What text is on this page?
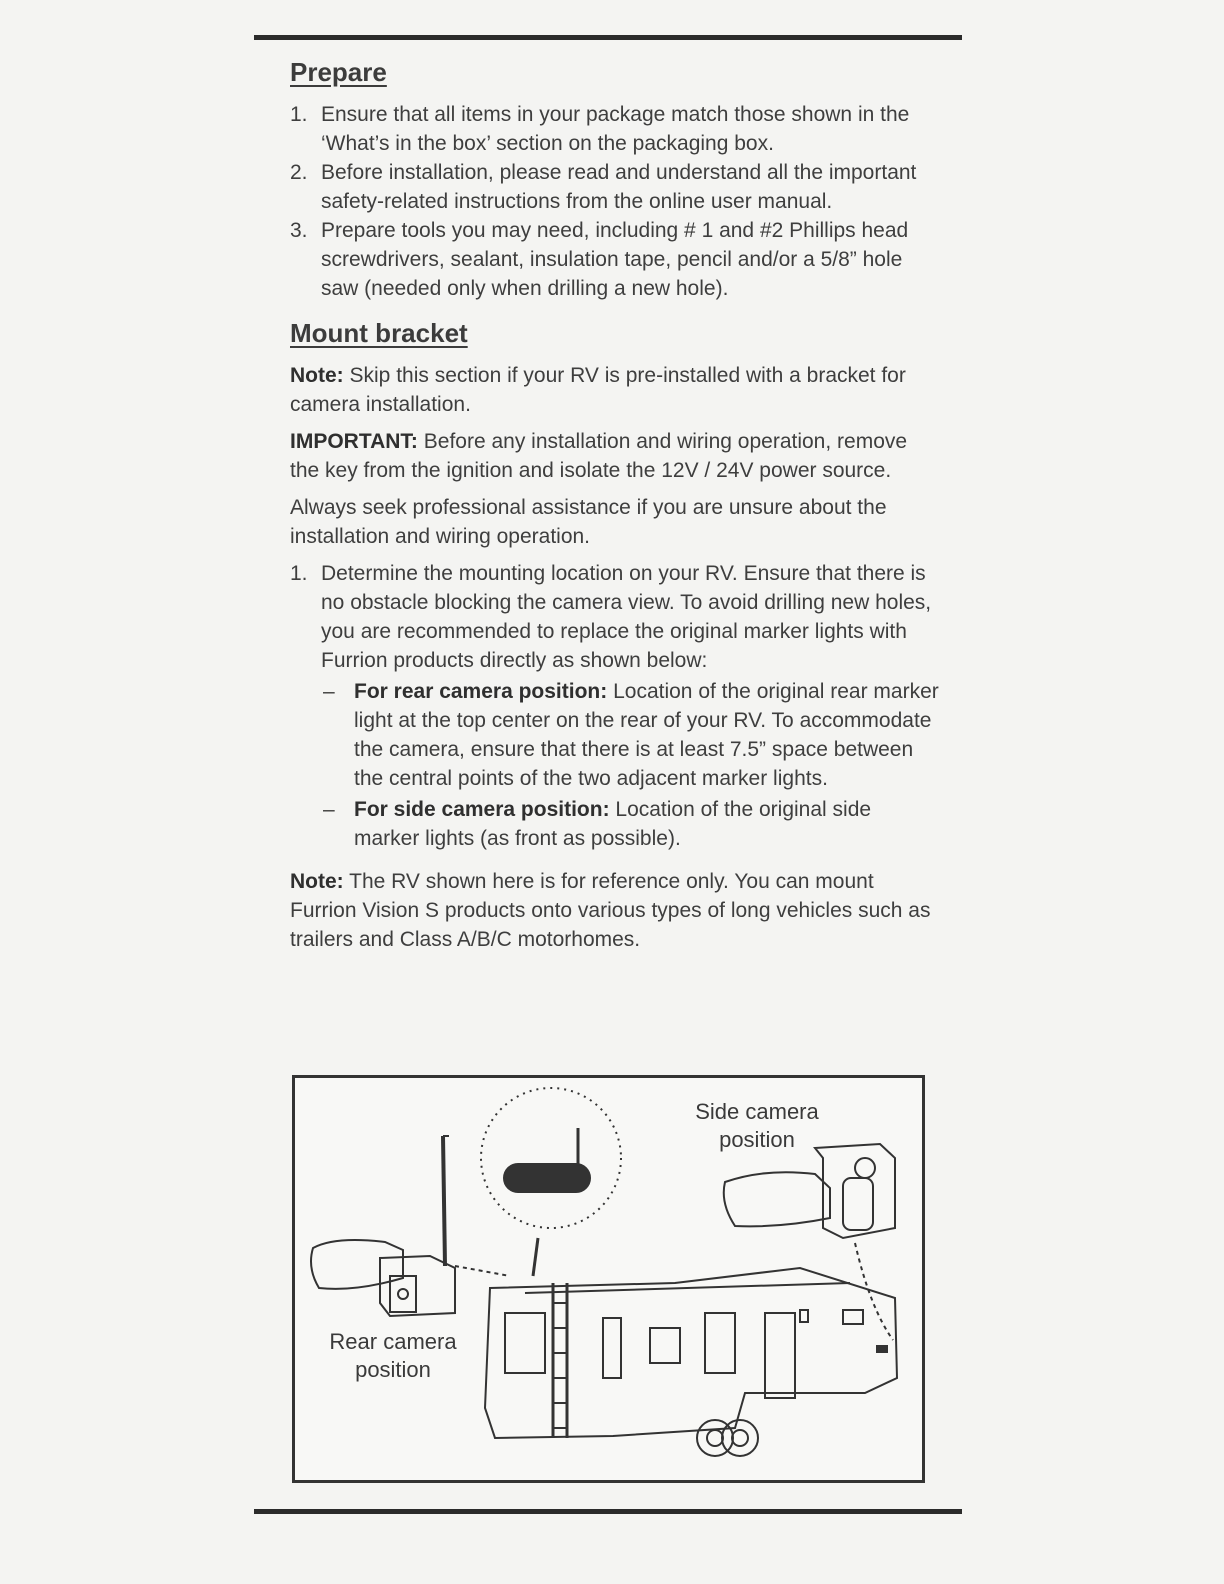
Prepare
1. Ensure that all items in your package match those shown in the ‘What’s in the box’ section on the packaging box.
2. Before installation, please read and understand all the important safety-related instructions from the online user manual.
3. Prepare tools you may need, including # 1 and #2 Phillips head screwdrivers, sealant, insulation tape, pencil and/or a 5/8” hole saw (needed only when drilling a new hole).
Mount bracket

Note: Skip this section if your RV is pre-installed with a bracket for camera installation.

IMPORTANT: Before any installation and wiring operation, remove the key from the ignition and isolate the 12V / 24V power source.

Always seek professional assistance if you are unsure about the installation and wiring operation.

1. Determine the mounting location on your RV. Ensure that there is no obstacle blocking the camera view. To avoid drilling new holes, you are recommended to replace the original marker lights with Furrion products directly as shown below:
– For rear camera position: Location of the original rear marker light at the top center on the rear of your RV. To accommodate the camera, ensure that there is at least 7.5” space between the central points of the two adjacent marker lights.
– For side camera position: Location of the original side marker lights (as front as possible).

Note: The RV shown here is for reference only. You can mount Furrion Vision S products onto various types of long vehicles such as trailers and Class A/B/C motorhomes.

Side camera
position
Rear camera
position
